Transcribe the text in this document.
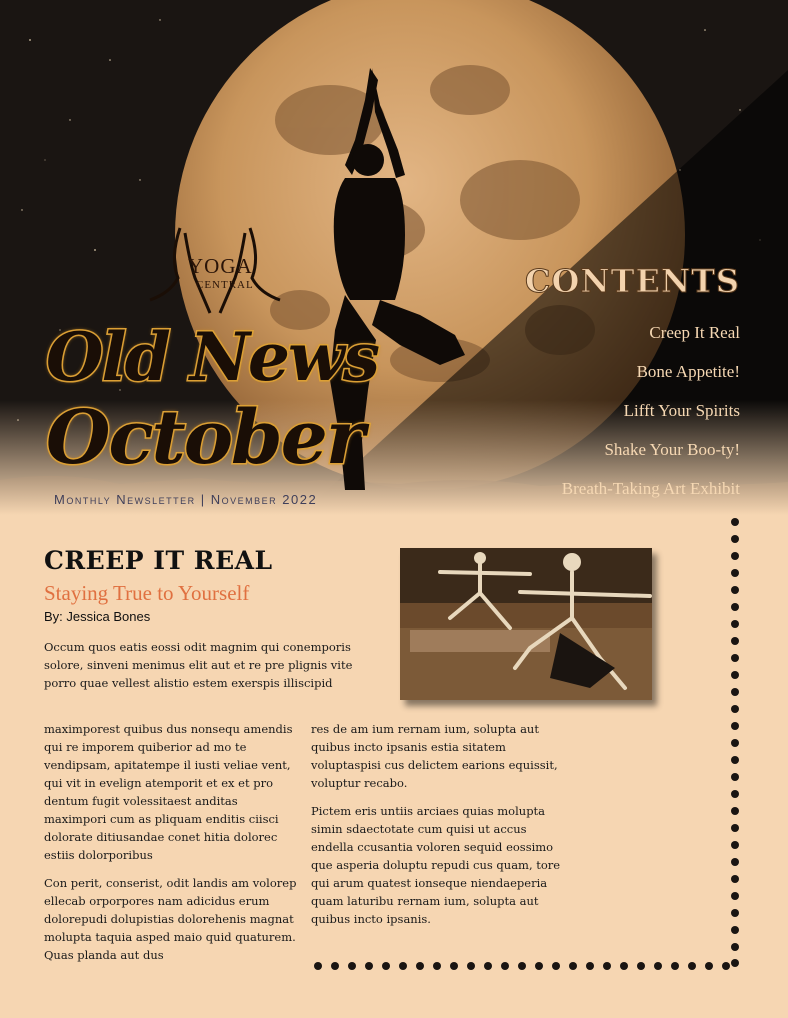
YOGA
CENTRAL
Old News
October
Monthly Newsletter | November 2022
CONTENTS
Creep It Real
Bone Appetite!
Lifft Your Spirits
Shake Your Boo-ty!
Breath-Taking Art Exhibit
CREEP IT REAL
Staying True to Yourself
By: Jessica Bones

Occum quos eatis eossi odit magnim qui conemporis solore, sinveni menimus elit aut et re pre plignis vite porro quae vellest alistio estem exerspis illiscipid

maximporest quibus dus nonsequ amendis qui re imporem quiberior ad mo te vendipsam, apitatempe il iusti veliae vent, qui vit in evelign atemporit et ex et pro dentum fugit volessitaest anditas maximpori cum as pliquam enditis ciisci dolorate ditiusandae conet hitia dolorec estiis dolorporibus

Con perit, conserist, odit landis am volorep ellecab orporpores nam adicidus erum dolorepudi dolupistias dolorehenis magnat molupta taquia asped maio quid quaturem. Quas planda aut dus

res de am ium rernam ium, solupta aut quibus incto ipsanis estia sitatem voluptaspisi cus delictem earions equissit, voluptur recabo.

Pictem eris untiis arciaes quias molupta simin sdaectotate cum quisi ut accus endella ccusantia voloren sequid eossimo que asperia doluptu repudi cus quam, tore qui arum quatest ionseque niendaeperia quam laturibu rernam ium, solupta aut quibus incto ipsanis.
